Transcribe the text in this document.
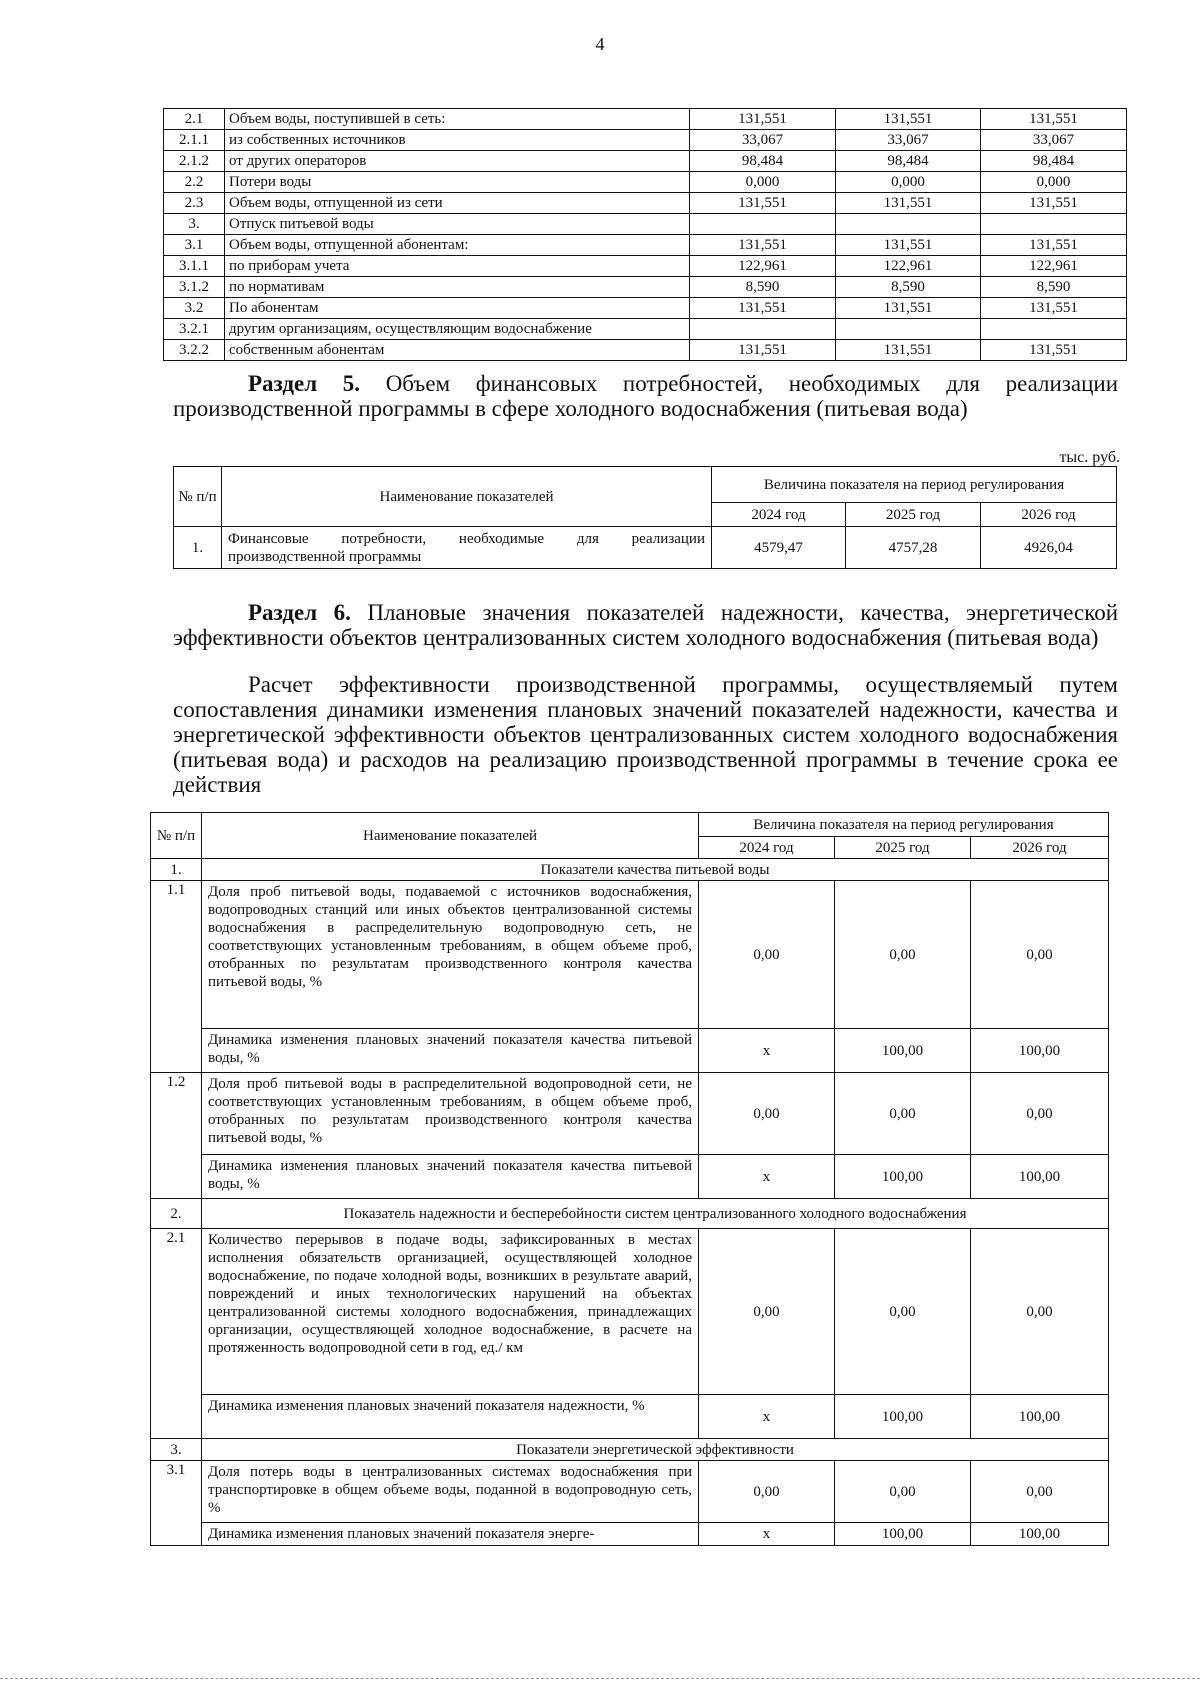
4
2.1	Объем воды, поступившей в сеть:	131,551	131,551	131,551
2.1.1	из собственных источников	33,067	33,067	33,067
2.1.2	от других операторов	98,484	98,484	98,484
2.2	Потери воды	0,000	0,000	0,000
2.3	Объем воды, отпущенной из сети	131,551	131,551	131,551
3.	Отпуск питьевой воды			
3.1	Объем воды, отпущенной абонентам:	131,551	131,551	131,551
3.1.1	по приборам учета	122,961	122,961	122,961
3.1.2	по нормативам	8,590	8,590	8,590
3.2	По абонентам	131,551	131,551	131,551
3.2.1	другим организациям, осуществляющим водоснабжение			
3.2.2	собственным абонентам	131,551	131,551	131,551
Раздел 5. Объем финансовых потребностей, необходимых для реализации производственной программы в сфере холодного водоснабжения (питьевая вода)
тыс. руб.
№ п/п	Наименование показателей	Величина показателя на период регулирования		
		2024 год	2025 год	2026 год
1.	Финансовые потребности, необходимые для реализации производственной программы	4579,47	4757,28	4926,04
Раздел 6. Плановые значения показателей надежности, качества, энергетической эффективности объектов централизованных систем холодного водоснабжения (питьевая вода)
Расчет эффективности производственной программы, осуществляемый путем сопоставления динамики изменения плановых значений показателей надежности, качества и энергетической эффективности объектов централизованных систем холодного водоснабжения (питьевая вода) и расходов на реализацию производственной программы в течение срока ее действия
№ п/п	Наименование показателей	Величина показателя на период регулирования		
		2024 год	2025 год	2026 год
1.	Показатели качества питьевой воды			
1.1	Доля проб питьевой воды, подаваемой с источников водоснабжения, водопроводных станций или иных объектов централизованной системы водоснабжения в распределительную водопроводную сеть, не соответствующих установленным требованиям, в общем объеме проб, отобранных по результатам производственного контроля качества питьевой воды, %	0,00	0,00	0,00
	Динамика изменения плановых значений показателя качества питьевой воды, %	х	100,00	100,00
1.2	Доля проб питьевой воды в распределительной водопроводной сети, не соответствующих установленным требованиям, в общем объеме проб, отобранных по результатам производственного контроля качества питьевой воды, %	0,00	0,00	0,00
	Динамика изменения плановых значений показателя качества питьевой воды, %	х	100,00	100,00
2.	Показатель надежности и бесперебойности систем централизованного холодного водоснабжения			
2.1	Количество перерывов в подаче воды, зафиксированных в местах исполнения обязательств организацией, осуществляющей холодное водоснабжение, по подаче холодной воды, возникших в результате аварий, повреждений и иных технологических нарушений на объектах централизованной системы холодного водоснабжения, принадлежащих организации, осуществляющей холодное водоснабжение, в расчете на протяженность водопроводной сети в год, ед./ км	0,00	0,00	0,00
	Динамика изменения плановых значений показателя надежности, %	х	100,00	100,00
3.	Показатели энергетической эффективности			
3.1	Доля потерь воды в централизованных системах водоснабжения при транспортировке в общем объеме воды, поданной в водопроводную сеть, %	0,00	0,00	0,00
	Динамика изменения плановых значений показателя энерге-	х	100,00	100,00
